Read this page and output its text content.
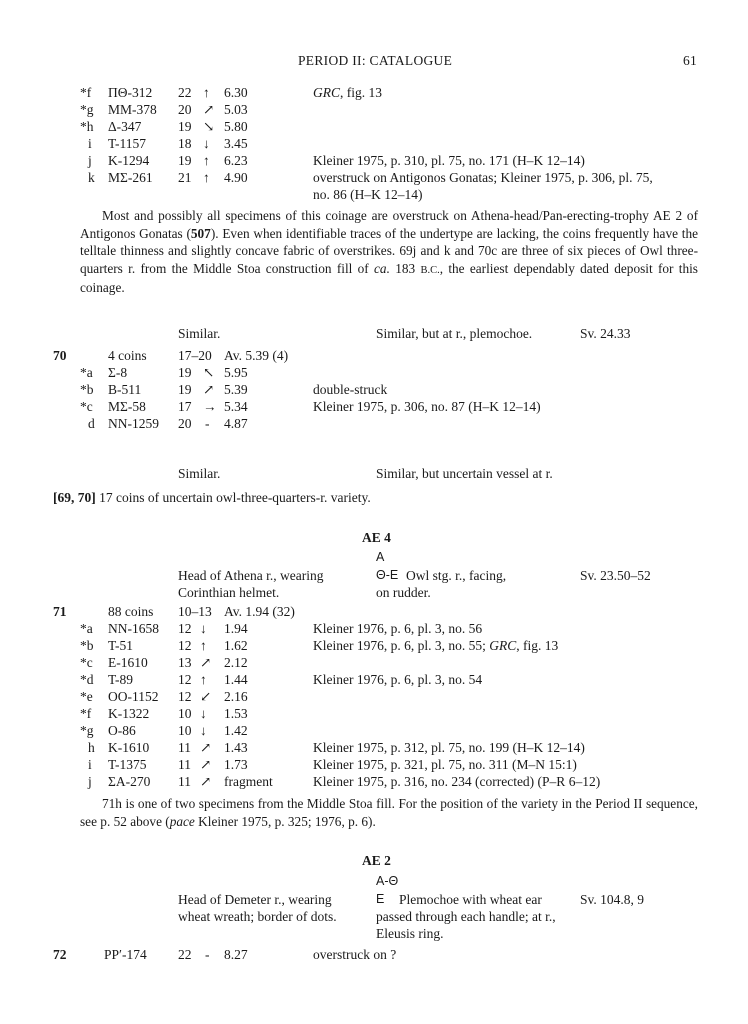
PERIOD II: CATALOGUE	61
*f ΠΘ-312 22 ↑ 6.30	GRC, fig. 13
*g MM-378 20 ↗ 5.03
*h Δ-347	19 ↘ 5.80
i T-1157 18 ↓ 3.45
j K-1294 19 ↑ 6.23	Kleiner 1975, p. 310, pl. 75, no. 171 (H–K 12–14)
k MΣ-261 21 ↑ 4.90	overstruck on Antigonos Gonatas; Kleiner 1975, p. 306, pl. 75,
no. 86 (H–K 12–14)
Most and possibly all specimens of this coinage are overstruck on Athena-head/Pan-erecting-trophy AE 2 of Antigonos Gonatas (507). Even when identifiable traces of the undertype are lacking, the coins frequently have the telltale thinness and slightly concave fabric of overstrikes. 69j and k and 70c are three of six pieces of Owl three-quarters r. from the Middle Stoa construction fill of ca. 183 B.C., the earliest dependably dated deposit for this coinage.
Similar.	Similar, but at r., plemochoe.	Sv. 24.33
70	4 coins 17–20 Av. 5.39 (4)
*a Σ-8	19 ↖ 5.95
*b B-511	19 ↗ 5.39	double-struck
*c MΣ-58 17 → 5.34	Kleiner 1975, p. 306, no. 87 (H–K 12–14)
d NN-1259 20 - 4.87
Similar.	Similar, but uncertain vessel at r.
[69, 70] 17 coins of uncertain owl-three-quarters-r. variety.
AE 4
A
Head of Athena r., wearing
Corinthian helmet.
Θ-E Owl stg. r., facing,
on rudder.
Sv. 23.50–52
71	88 coins 10–13 Av. 1.94 (32)
*a NN-1658 12 ↓ 1.94	Kleiner 1976, p. 6, pl. 3, no. 56
*b T-51	12 ↑ 1.62	Kleiner 1976, p. 6, pl. 3, no. 55; GRC, fig. 13
*c E-1610 13 ↗ 2.12
*d T-89	12 ↑ 1.44	Kleiner 1976, p. 6, pl. 3, no. 54
*e OO-1152 12 ↙ 2.16
*f K-1322 10 ↓ 1.53
*g O-86	10 ↓ 1.42
h K-1610 11 ↗ 1.43	Kleiner 1975, p. 312, pl. 75, no. 199 (H–K 12–14)
i T-1375 11 ↗ 1.73	Kleiner 1975, p. 321, pl. 75, no. 311 (M–N 15:1)
j ΣA-270 11 ↗ fragment	Kleiner 1975, p. 316, no. 234 (corrected) (P–R 6–12)
71h is one of two specimens from the Middle Stoa fill. For the position of the variety in the Period II sequence, see p. 52 above (pace Kleiner 1975, p. 325; 1976, p. 6).
AE 2
A-Θ
Head of Demeter r., wearing
wheat wreath; border of dots.
E Plemochoe with wheat ear
passed through each handle; at r.,
Eleusis ring.
Sv. 104.8, 9
72	PP′-174 22 - 8.27	overstruck on ?
